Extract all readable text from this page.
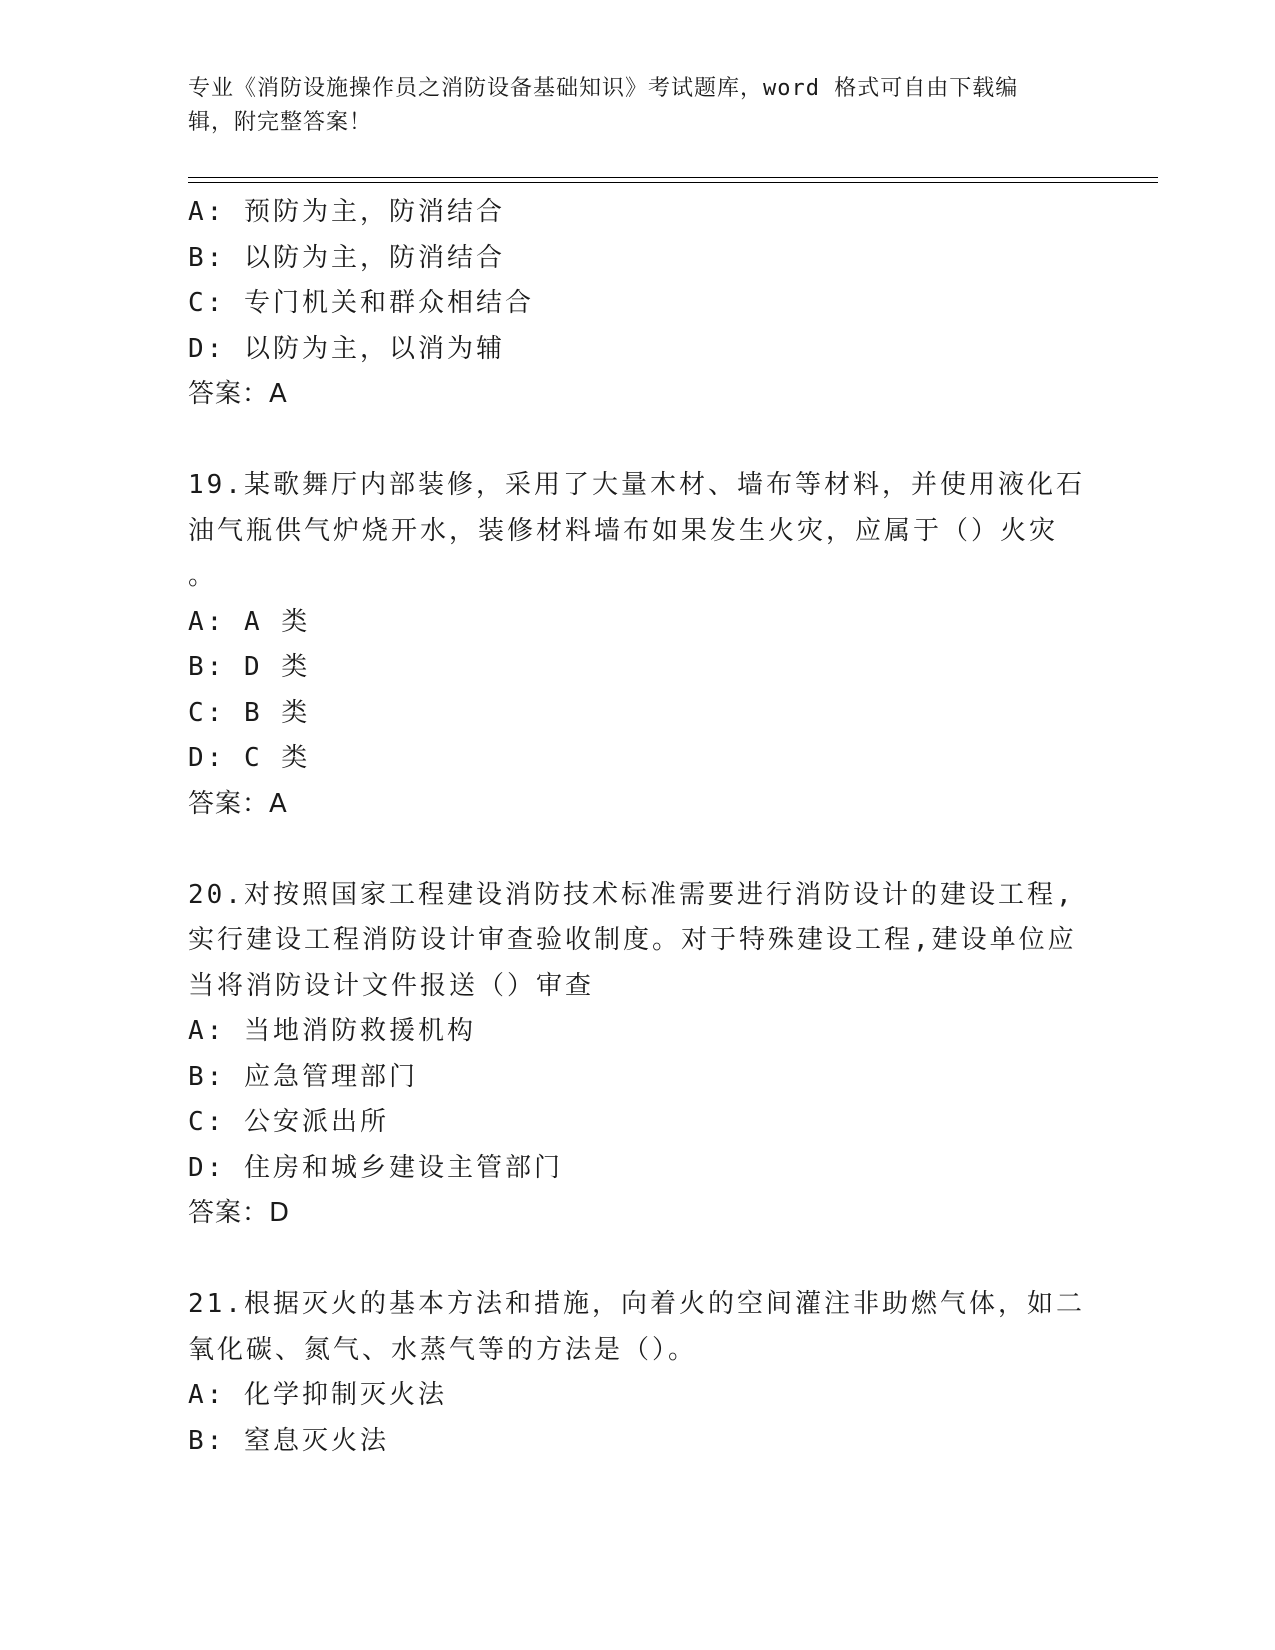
专业《消防设施操作员之消防设备基础知识》考试题库，word 格式可自由下载编
辑，附完整答案！
A: 预防为主，防消结合
B: 以防为主，防消结合
C: 专门机关和群众相结合
D: 以防为主，以消为辅
答案：A
19.某歌舞厅内部装修，采用了大量木材、墙布等材料，并使用液化石
油气瓶供气炉烧开水，装修材料墙布如果发生火灾，应属于（）火灾
。
A: A 类
B: D 类
C: B 类
D: C 类
答案：A
20.对按照国家工程建设消防技术标准需要进行消防设计的建设工程,
实行建设工程消防设计审查验收制度。对于特殊建设工程,建设单位应
当将消防设计文件报送（）审查
A: 当地消防救援机构
B: 应急管理部门
C: 公安派出所
D: 住房和城乡建设主管部门
答案：D
21.根据灭火的基本方法和措施，向着火的空间灌注非助燃气体，如二
氧化碳、氮气、水蒸气等的方法是（）。
A: 化学抑制灭火法
B: 窒息灭火法
